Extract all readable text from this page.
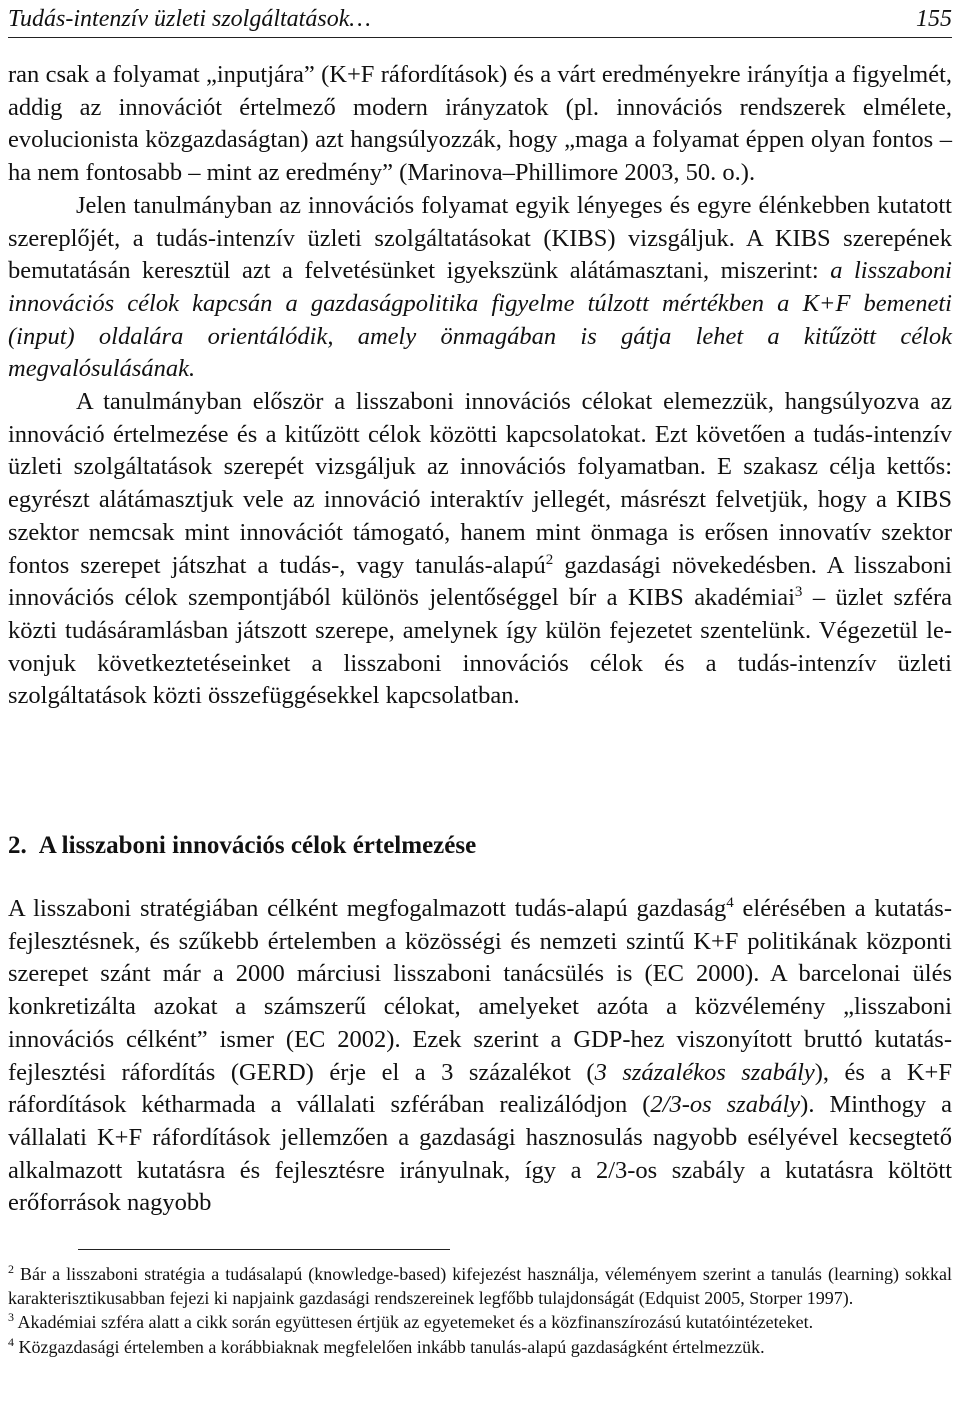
Tudás-intenzív üzleti szolgáltatások…	155

ran csak a folyamat „inputjára” (K+F ráfordítások) és a várt eredményekre irányítja a figyelmét, addig az innovációt értelmező modern irányzatok (pl. innovációs rendszerek elmélete, evolucionista közgazdaságtan) azt hangsúlyozzák, hogy „maga a folyamat éppen olyan fontos – ha nem fontosabb – mint az eredmény” (Marinova–Phillimore 2003, 50. o.).

Jelen tanulmányban az innovációs folyamat egyik lényeges és egyre élénkebben kutatott szereplőjét, a tudás-intenzív üzleti szolgáltatásokat (KIBS) vizsgáljuk. A KIBS szerepének bemutatásán keresztül azt a felvetésünket igyekszünk alátámasztani, miszerint: a lisszaboni innovációs célok kapcsán a gazdaságpolitika figyelme túlzott mértékben a K+F bemeneti (input) oldalára orientálódik, amely önmagában is gátja lehet a kitűzött célok megvalósulásának.

A tanulmányban először a lisszaboni innovációs célokat elemezzük, hangsúlyozva az innováció értelmezése és a kitűzött célok közötti kapcsolatokat. Ezt követően a tudás-intenzív üzleti szolgáltatások szerepét vizsgáljuk az innovációs folyamatban. E szakasz célja kettős: egyrészt alátámasztjuk vele az innováció interaktív jellegét, másrészt felvetjük, hogy a KIBS szektor nemcsak mint innovációt támogató, hanem mint önmaga is erősen innovatív szektor fontos szerepet játszhat a tudás-, vagy tanulás-alapú$^2$ gazdasági növekedésben. A lisszaboni innovációs célok szempontjából különös jelentőséggel bír a KIBS akadémiai$^3$ – üzlet szféra közti tudásáramlásban játszott szerepe, amelynek így külön fejezetet szentelünk. Végezetül levonjuk következtetéseinket a lisszaboni innovációs célok és a tudás-intenzív üzleti szolgáltatások közti összefüggésekkel kapcsolatban.

2. A lisszaboni innovációs célok értelmezése

A lisszaboni stratégiában célként megfogalmazott tudás-alapú gazdaság$^4$ elérésében a kutatás-fejlesztésnek, és szűkebb értelemben a közösségi és nemzeti szintű K+F politikának központi szerepet szánt már a 2000 márciusi lisszaboni tanácsülés is (EC 2000). A barcelonai ülés konkretizálta azokat a számszerű célokat, amelyeket azóta a közvélemény „lisszaboni innovációs célként” ismer (EC 2002). Ezek szerint a GDP-hez viszonyított bruttó kutatás-fejlesztési ráfordítás (GERD) érje el a 3 százalékot (3 százalékos szabály), és a K+F ráfordítások kétharmada a vállalati szférában realizálódjon (2/3-os szabály). Minthogy a vállalati K+F ráfordítások jellemzően a gazdasági hasznosulás nagyobb esélyével kecsegtető alkalmazott kutatásra és fejlesztésre irányulnak, így a 2/3-os szabály a kutatásra költött erőforrások nagyobb

$^2$ Bár a lisszaboni stratégia a tudásalapú (knowledge-based) kifejezést használja, véleményem szerint a tanulás (learning) sokkal karakterisztikusabban fejezi ki napjaink gazdasági rendszereinek legfőbb tulajdonságát (Edquist 2005, Storper 1997).

$^3$ Akadémiai szféra alatt a cikk során együttesen értjük az egyetemeket és a közfinanszírozású kutatóintézeteket.

$^4$ Közgazdasági értelemben a korábbiaknak megfelelően inkább tanulás-alapú gazdaságként értelmezzük.
